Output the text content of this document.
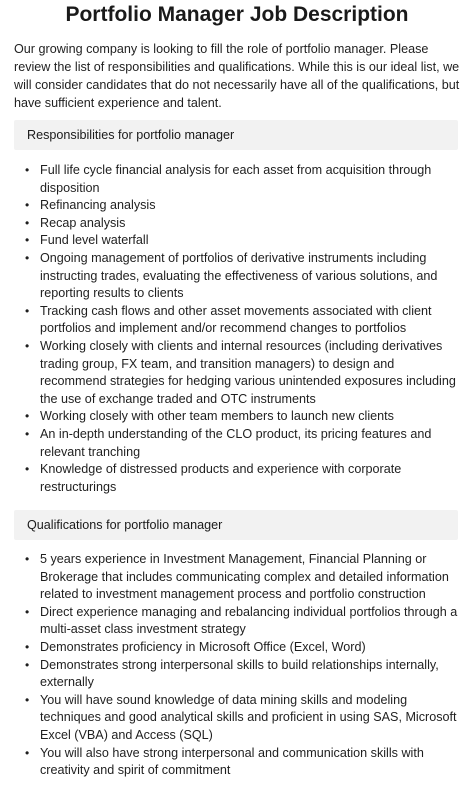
Portfolio Manager Job Description

Our growing company is looking to fill the role of portfolio manager. Please review the list of responsibilities and qualifications. While this is our ideal list, we will consider candidates that do not necessarily have all of the qualifications, but have sufficient experience and talent.

Responsibilities for portfolio manager
• Full life cycle financial analysis for each asset from acquisition through disposition
• Refinancing analysis
• Recap analysis
• Fund level waterfall
• Ongoing management of portfolios of derivative instruments including instructing trades, evaluating the effectiveness of various solutions, and reporting results to clients
• Tracking cash flows and other asset movements associated with client portfolios and implement and/or recommend changes to portfolios
• Working closely with clients and internal resources (including derivatives trading group, FX team, and transition managers) to design and recommend strategies for hedging various unintended exposures including the use of exchange traded and OTC instruments
• Working closely with other team members to launch new clients
• An in-depth understanding of the CLO product, its pricing features and relevant tranching
• Knowledge of distressed products and experience with corporate restructurings
Qualifications for portfolio manager
• 5 years experience in Investment Management, Financial Planning or Brokerage that includes communicating complex and detailed information related to investment management process and portfolio construction
• Direct experience managing and rebalancing individual portfolios through a multi-asset class investment strategy
• Demonstrates proficiency in Microsoft Office (Excel, Word)
• Demonstrates strong interpersonal skills to build relationships internally, externally
• You will have sound knowledge of data mining skills and modeling techniques and good analytical skills and proficient in using SAS, Microsoft Excel (VBA) and Access (SQL)
• You will also have strong interpersonal and communication skills with creativity and spirit of commitment
